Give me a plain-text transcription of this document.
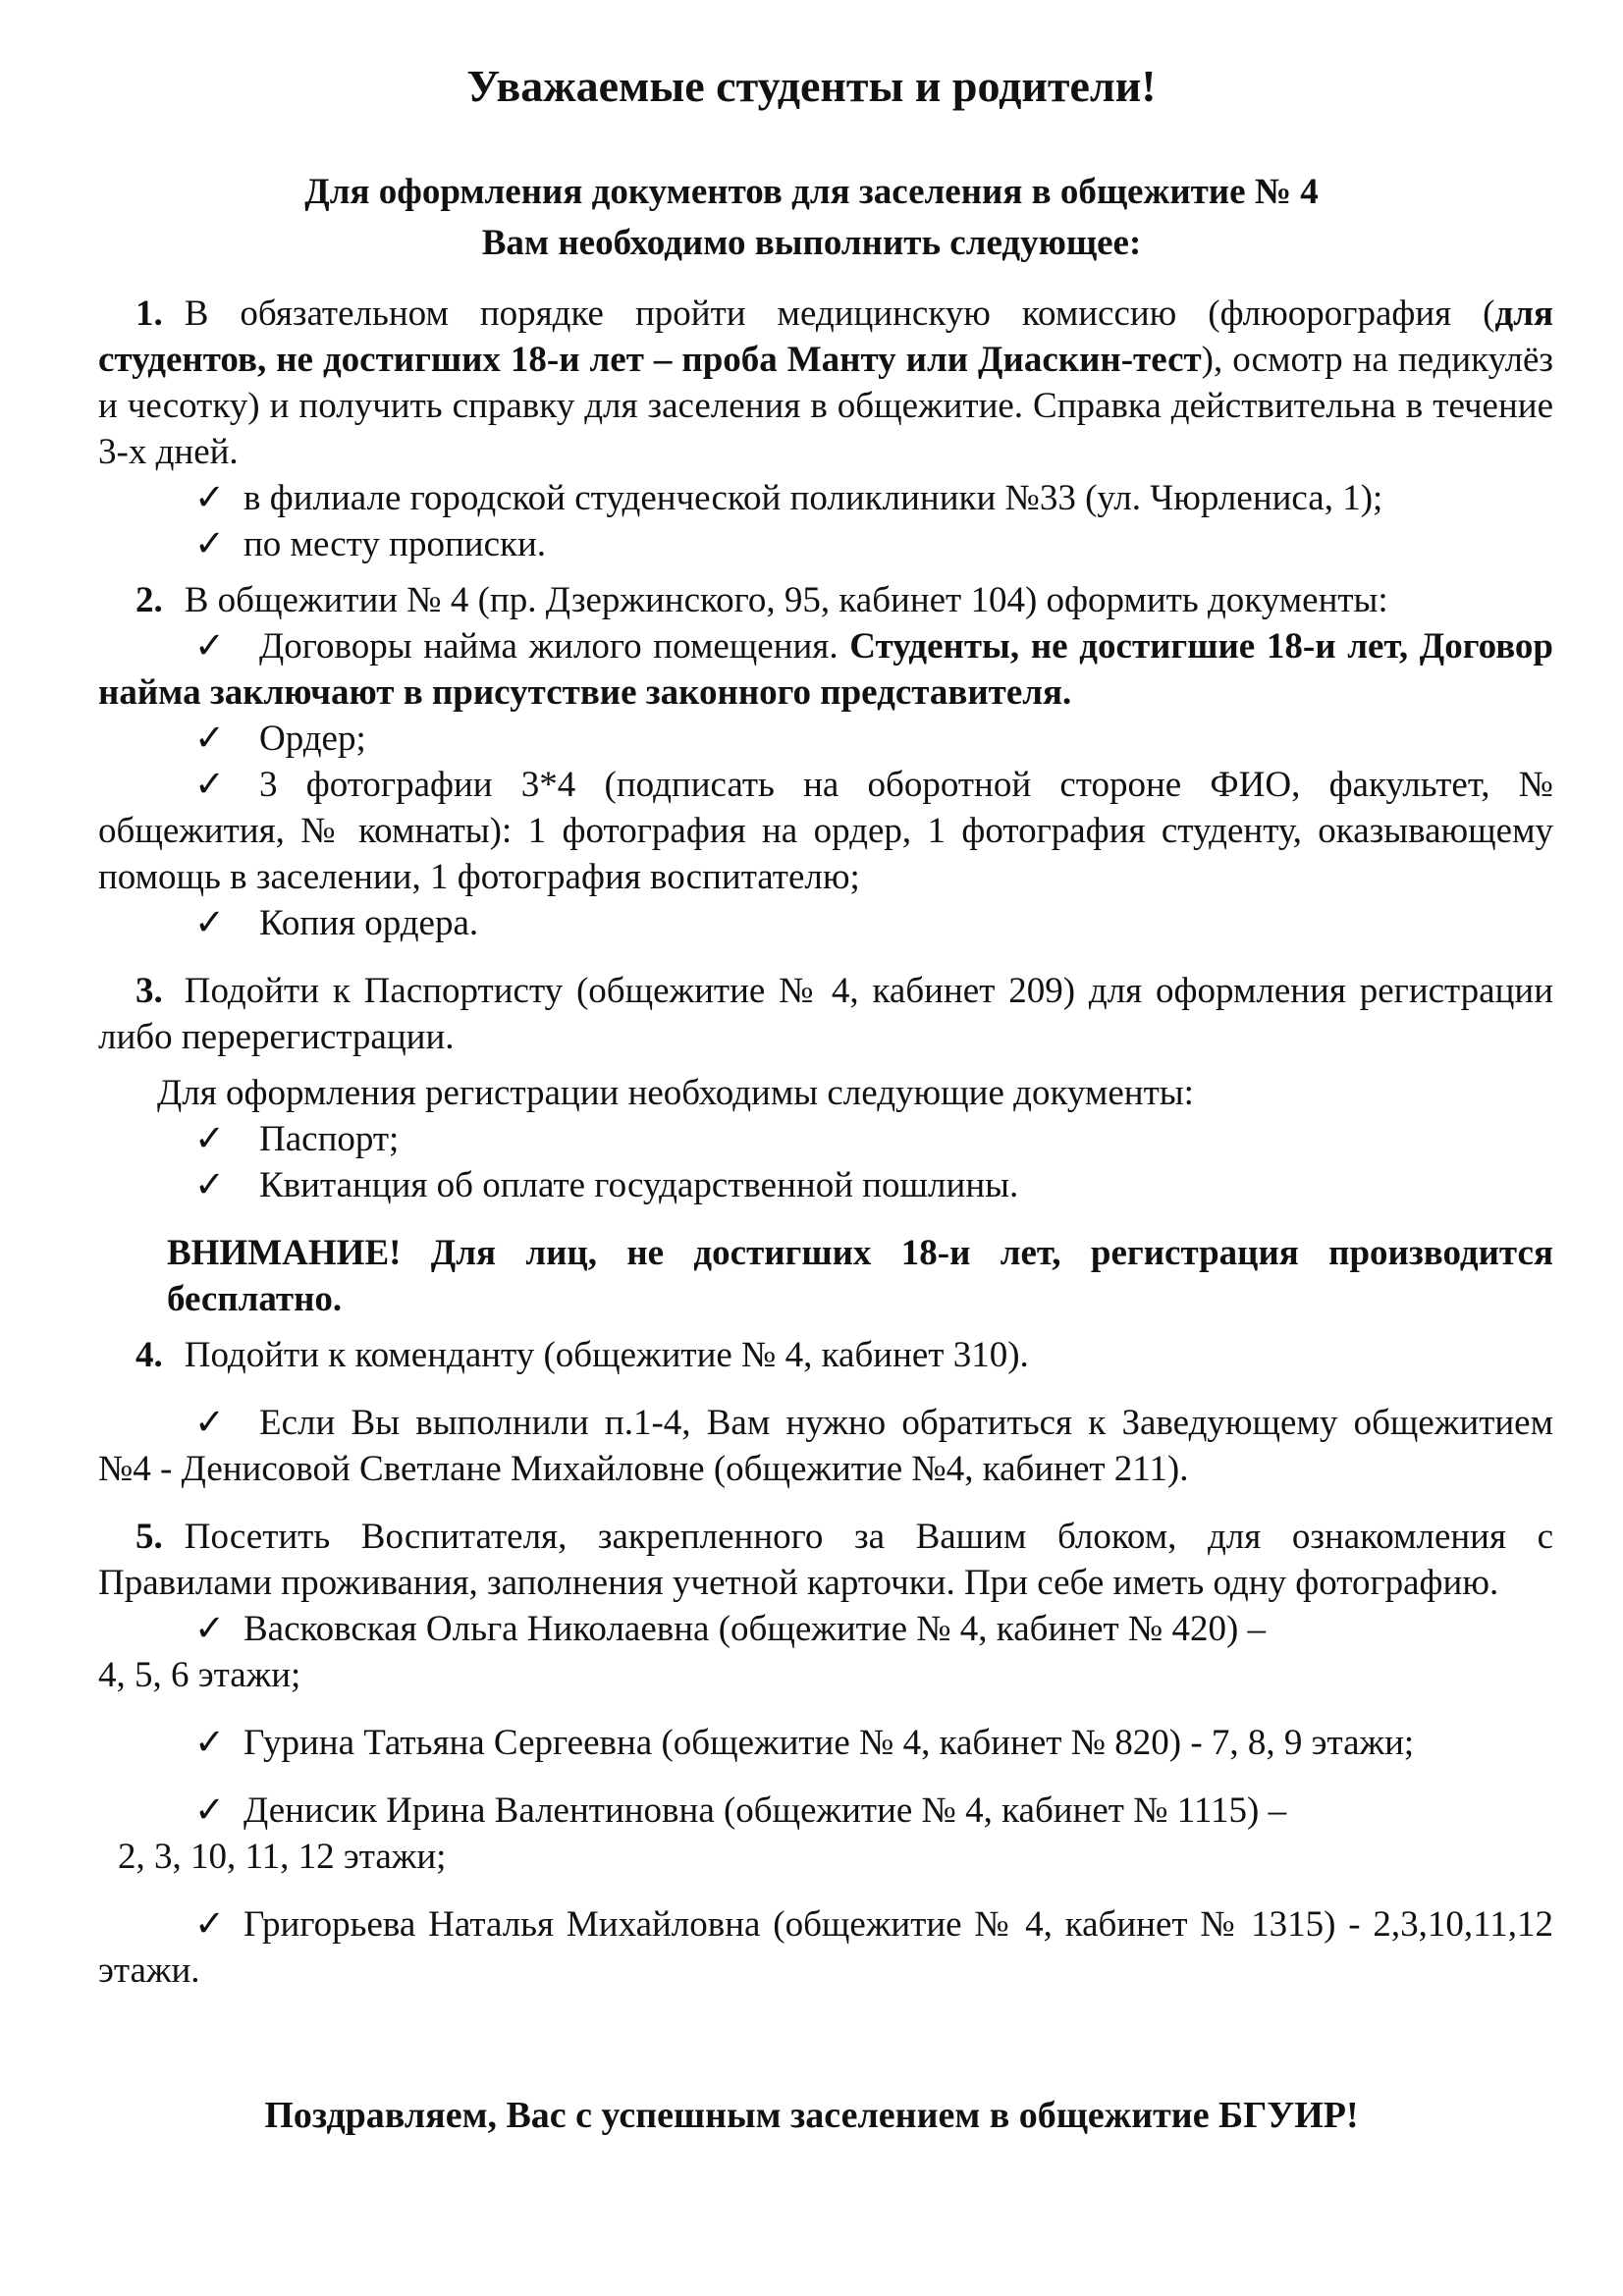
Уважаемые студенты и родители!
Для оформления документов для заселения в общежитие № 4
Вам необходимо выполнить следующее:

1. В обязательном порядке пройти медицинскую комиссию (флюорография (для студентов, не достигших 18-и лет – проба Манту или Диаскин-тест), осмотр на педикулёз и чесотку) и получить справку для заселения в общежитие. Справка действительна в течение 3-х дней.

✓ в филиале городской студенческой поликлиники №33 (ул. Чюрлениса, 1);
✓ по месту прописки.

2. В общежитии № 4 (пр. Дзержинского, 95, кабинет 104) оформить документы:

✓ Договоры найма жилого помещения. Студенты, не достигшие 18-и лет, Договор найма заключают в присутствие законного представителя.

✓ Ордер;

✓ 3 фотографии 3*4 (подписать на оборотной стороне ФИО, факультет, № общежития, № комнаты): 1 фотография на ордер, 1 фотография студенту, оказывающему помощь в заселении, 1 фотография воспитателю;

✓ Копия ордера.

3. Подойти к Паспортисту (общежитие № 4, кабинет 209) для оформления регистрации либо перерегистрации.

Для оформления регистрации необходимы следующие документы:
✓ Паспорт;
✓ Квитанция об оплате государственной пошлины.
ВНИМАНИЕ! Для лиц, не достигших 18-и лет, регистрация производится бесплатно.

4. Подойти к коменданту (общежитие № 4, кабинет 310).

✓ Если Вы выполнили п.1-4, Вам нужно обратиться к Заведующему общежитием №4 - Денисовой Светлане Михайловне (общежитие №4, кабинет 211).

5. Посетить Воспитателя, закрепленного за Вашим блоком, для ознакомления с Правилами проживания, заполнения учетной карточки. При себе иметь одну фотографию.

✓ Васковская Ольга Николаевна (общежитие № 4, кабинет № 420) –
4, 5, 6 этажи;
✓ Гурина Татьяна Сергеевна (общежитие № 4, кабинет № 820) - 7, 8, 9 этажи;
✓ Денисик Ирина Валентиновна (общежитие № 4, кабинет № 1115) –
2, 3, 10, 11, 12 этажи;

✓ Григорьева Наталья Михайловна (общежитие № 4, кабинет № 1315) - 2,3,10,11,12 этажи.

Поздравляем, Вас с успешным заселением в общежитие БГУИР!
